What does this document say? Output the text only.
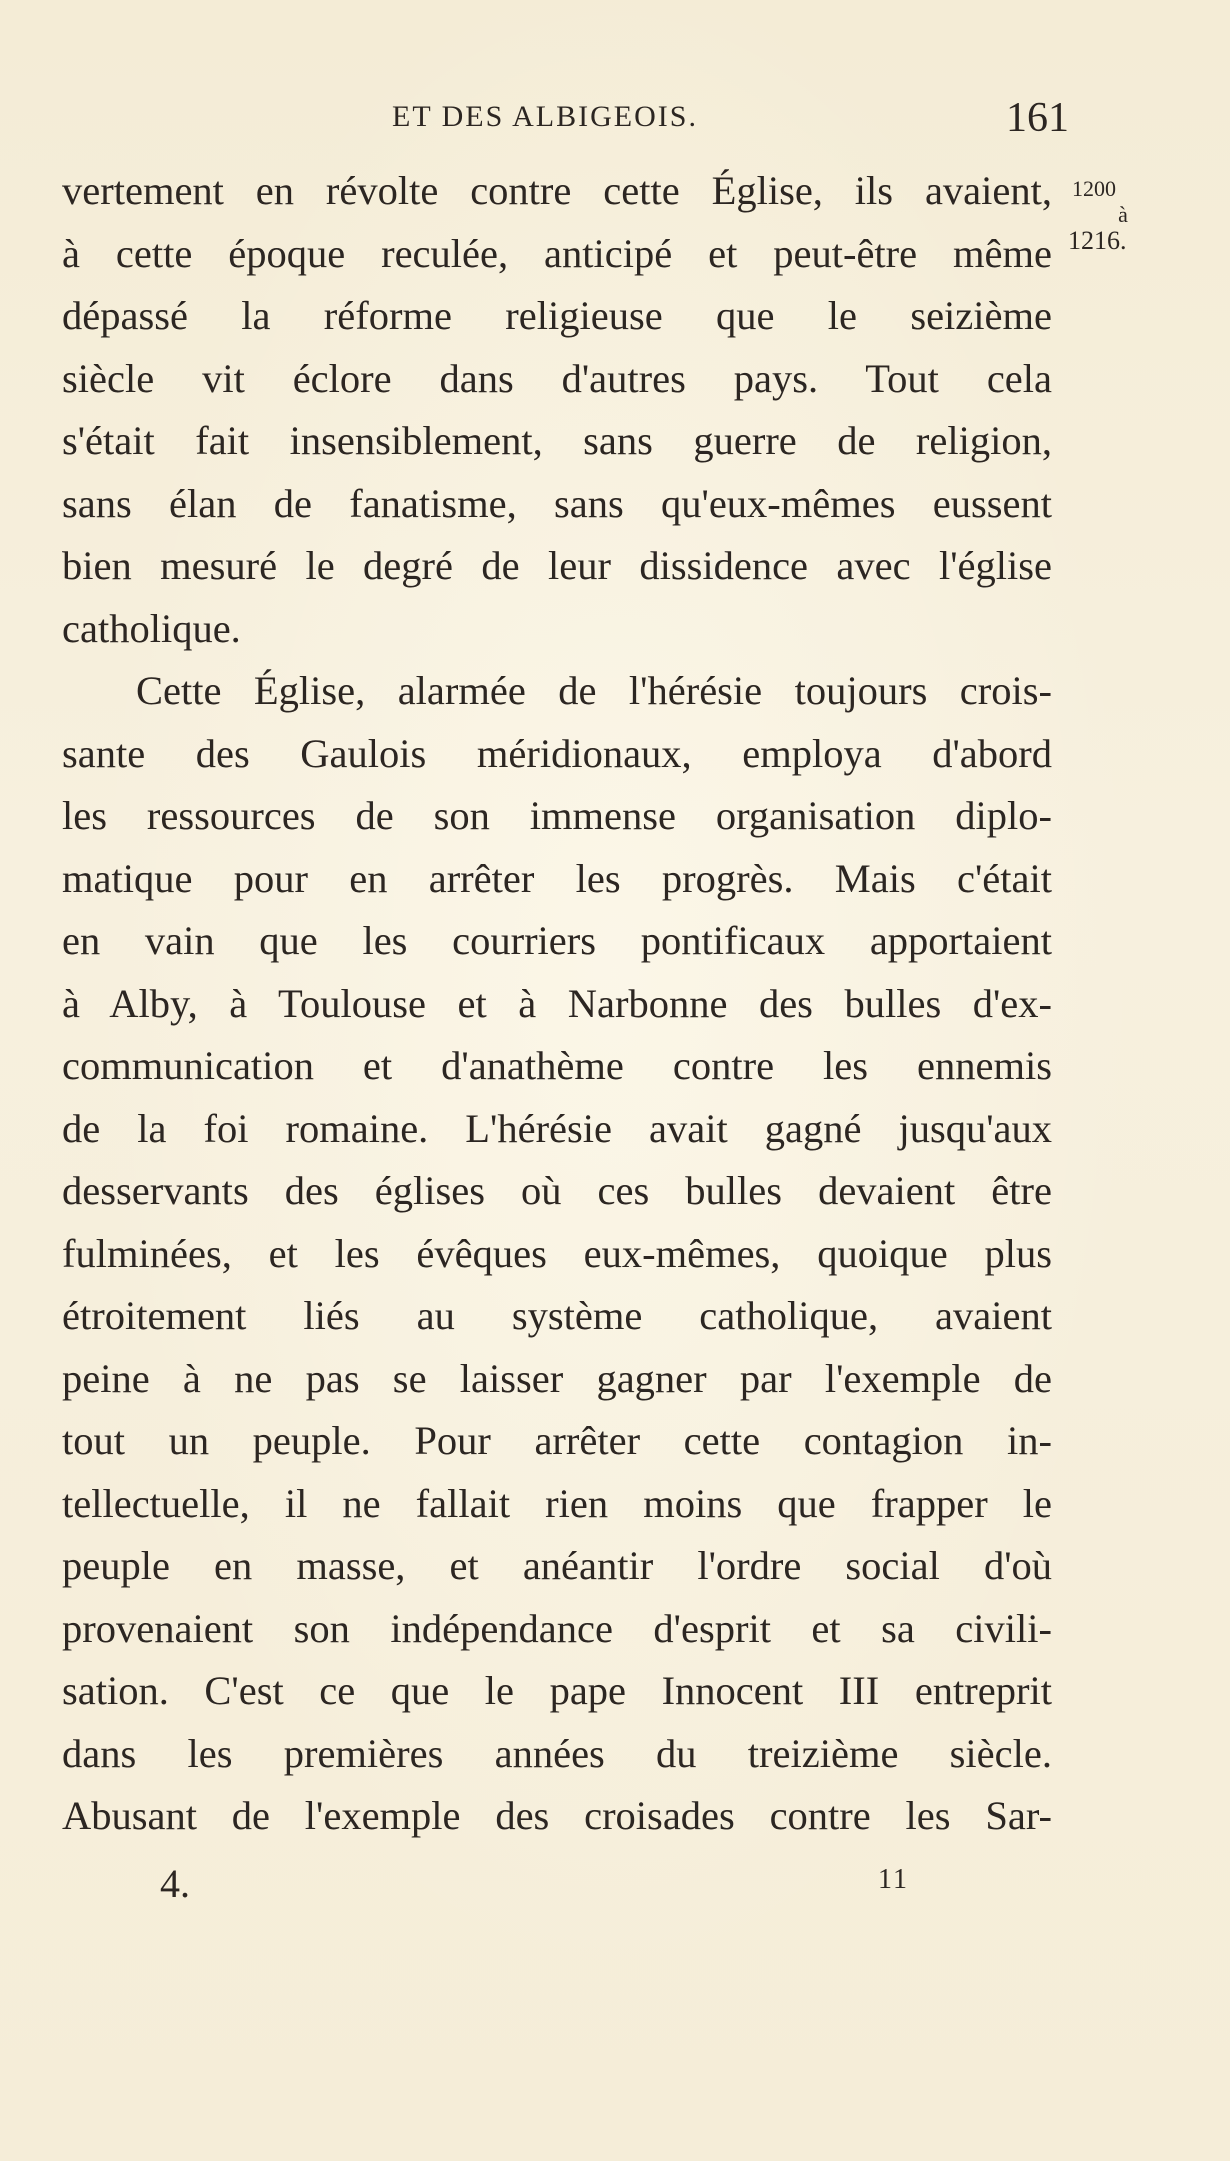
ET DES ALBIGEOIS.	161
1200
à
1216.
vertement en révolte contre cette Église, ils avaient,
à cette époque reculée, anticipé et peut-être même
dépassé la réforme religieuse que le seizième
siècle vit éclore dans d'autres pays. Tout cela
s'était fait insensiblement, sans guerre de religion,
sans élan de fanatisme, sans qu'eux-mêmes eussent
bien mesuré le degré de leur dissidence avec l'église
catholique.
Cette Église, alarmée de l'hérésie toujours crois-
sante des Gaulois méridionaux, employa d'abord
les ressources de son immense organisation diplo-
matique pour en arrêter les progrès. Mais c'était
en vain que les courriers pontificaux apportaient
à Alby, à Toulouse et à Narbonne des bulles d'ex-
communication et d'anathème contre les ennemis
de la foi romaine. L'hérésie avait gagné jusqu'aux
desservants des églises où ces bulles devaient être
fulminées, et les évêques eux-mêmes, quoique plus
étroitement liés au système catholique, avaient
peine à ne pas se laisser gagner par l'exemple de
tout un peuple. Pour arrêter cette contagion in-
tellectuelle, il ne fallait rien moins que frapper le
peuple en masse, et anéantir l'ordre social d'où
provenaient son indépendance d'esprit et sa civili-
sation. C'est ce que le pape Innocent III entreprit
dans les premières années du treizième siècle.
Abusant de l'exemple des croisades contre les Sar-
4.	11
